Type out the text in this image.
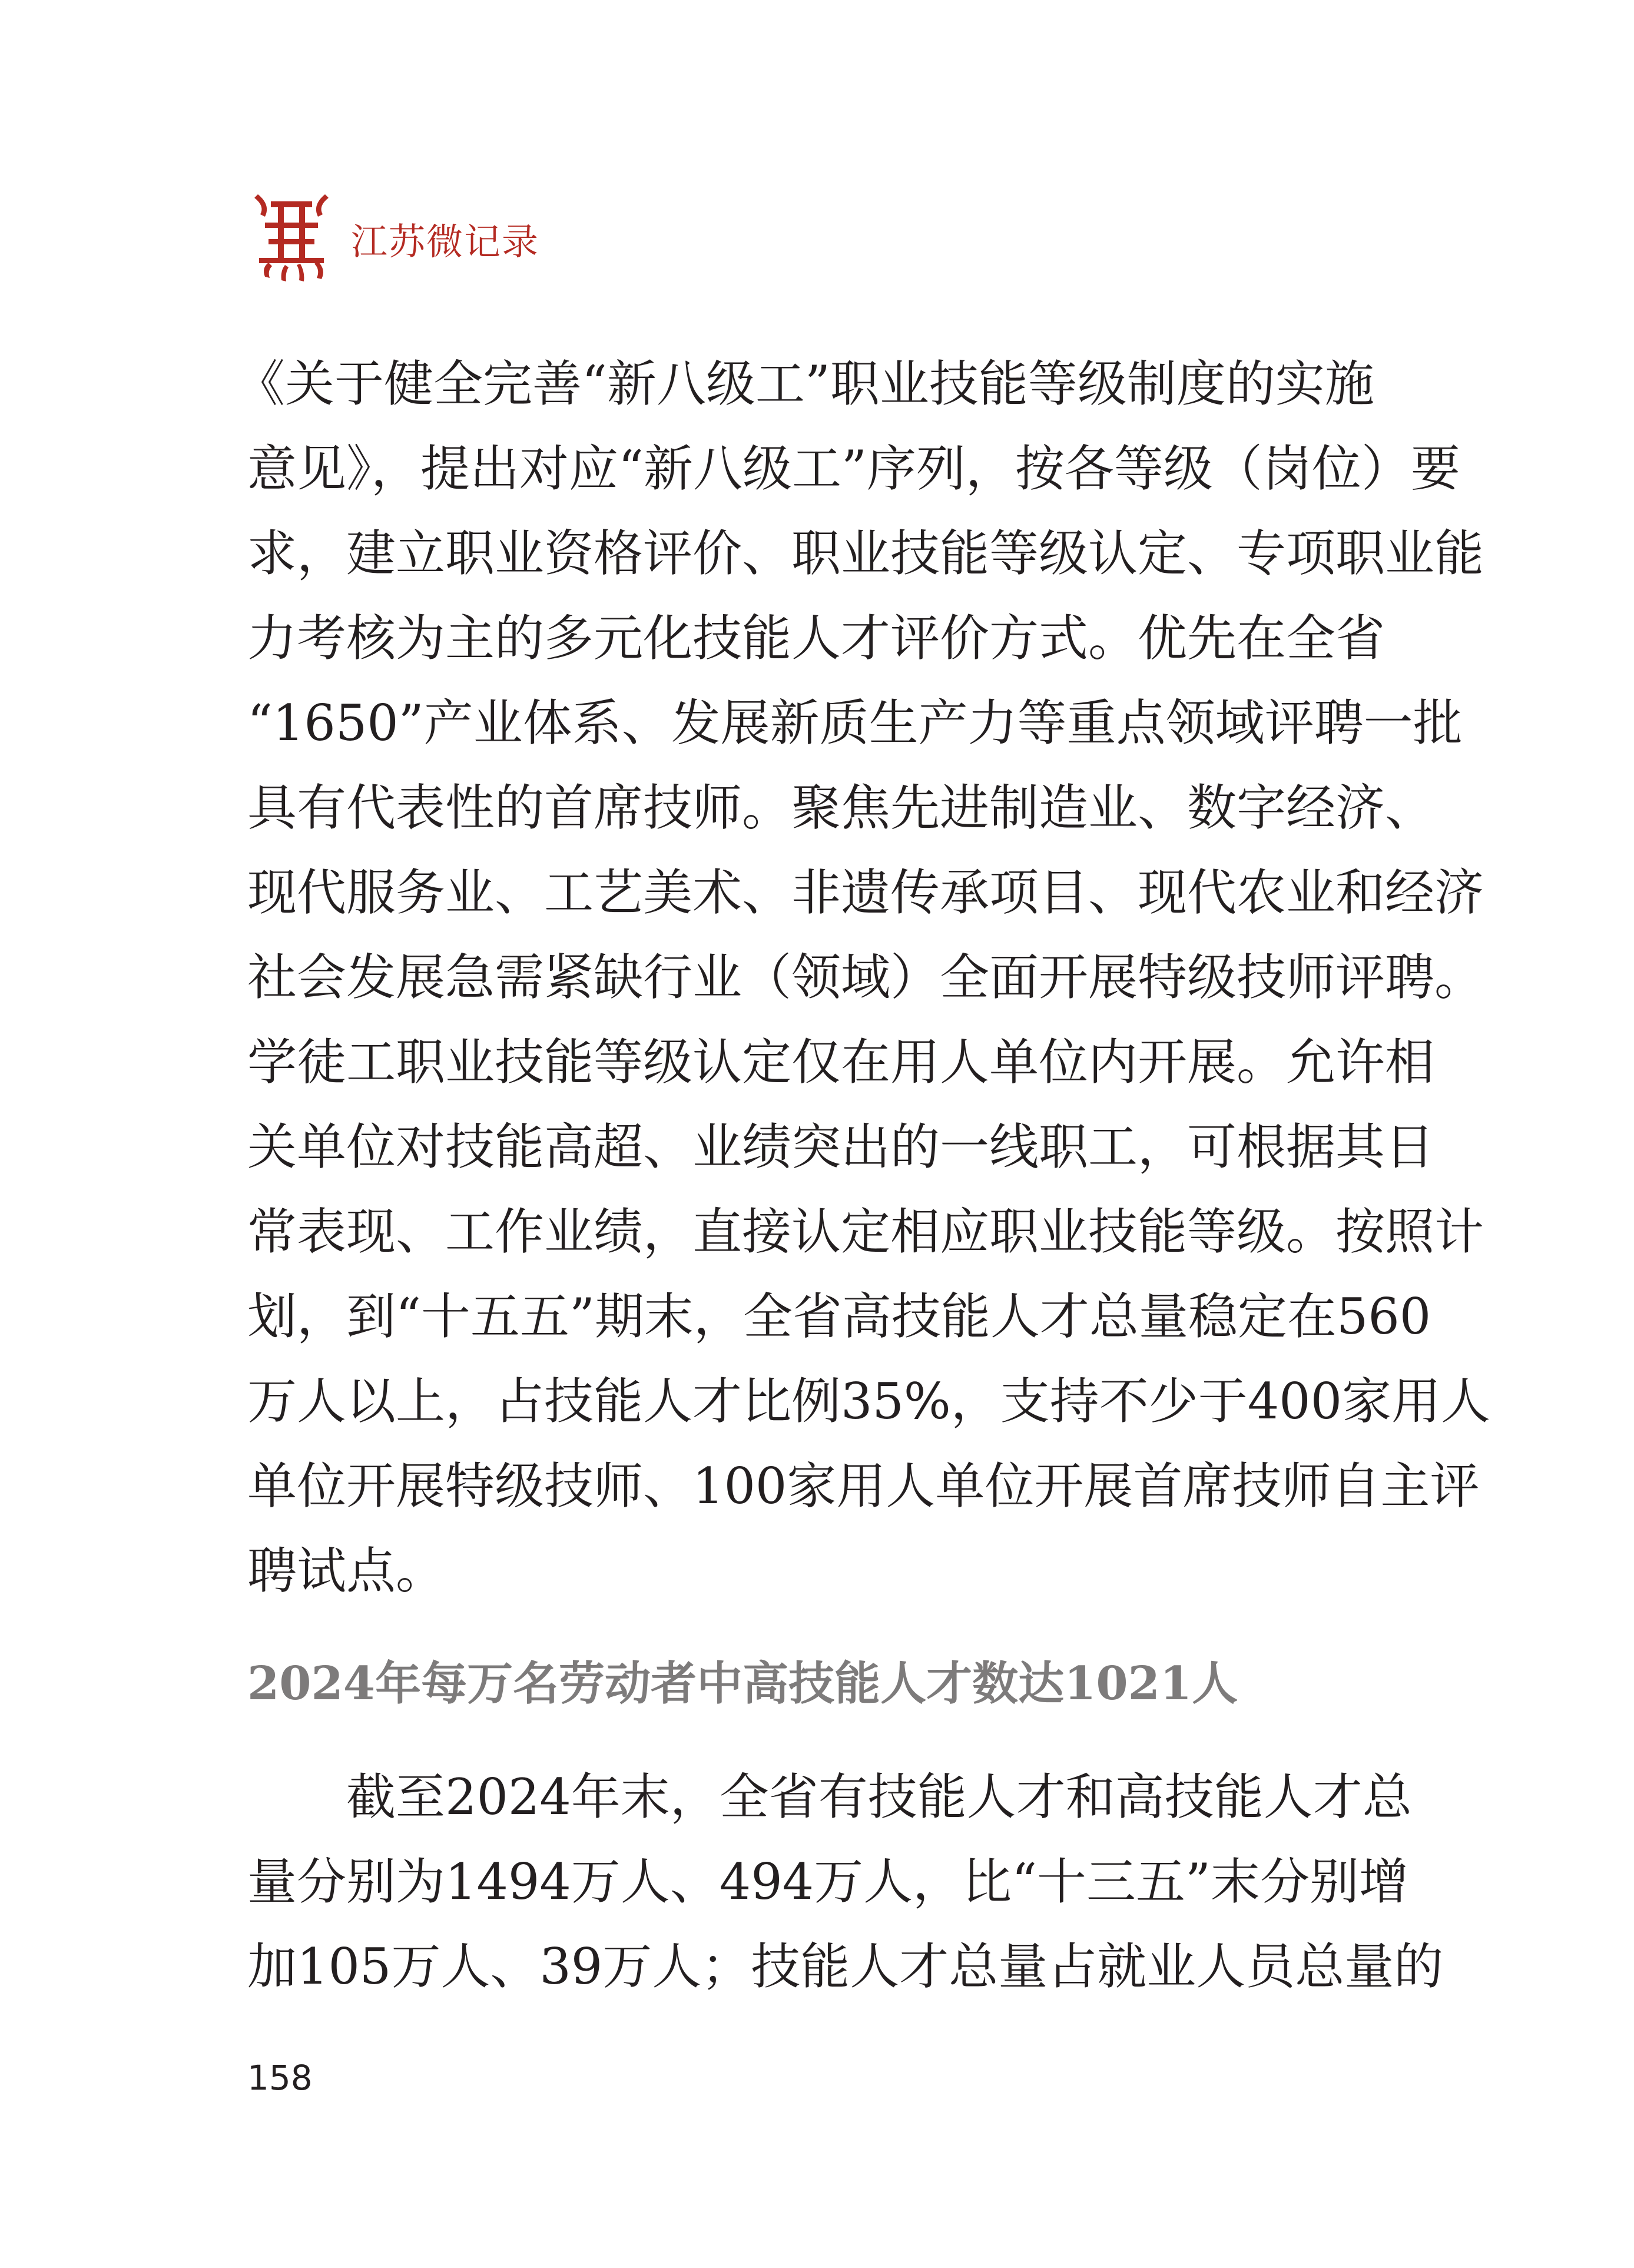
江苏微记录
《关于健全完善“新八级工”职业技能等级制度的实施
意见》，提出对应“新八级工”序列，按各等级（岗位）要
求，建立职业资格评价、职业技能等级认定、专项职业能
力考核为主的多元化技能人才评价方式。优先在全省
“1650”产业体系、发展新质生产力等重点领域评聘一批
具有代表性的首席技师。聚焦先进制造业、数字经济、
现代服务业、工艺美术、非遗传承项目、现代农业和经济
社会发展急需紧缺行业（领域）全面开展特级技师评聘。
学徒工职业技能等级认定仅在用人单位内开展。允许相
关单位对技能高超、业绩突出的一线职工，可根据其日
常表现、工作业绩，直接认定相应职业技能等级。按照计
划，到“十五五”期末，全省高技能人才总量稳定在560
万人以上，占技能人才比例35%，支持不少于400家用人
单位开展特级技师、100家用人单位开展首席技师自主评
聘试点。
2024年每万名劳动者中高技能人才数达1021人
截至2024年末，全省有技能人才和高技能人才总
量分别为1494万人、494万人，比“十三五”末分别增
加105万人、39万人；技能人才总量占就业人员总量的
158
